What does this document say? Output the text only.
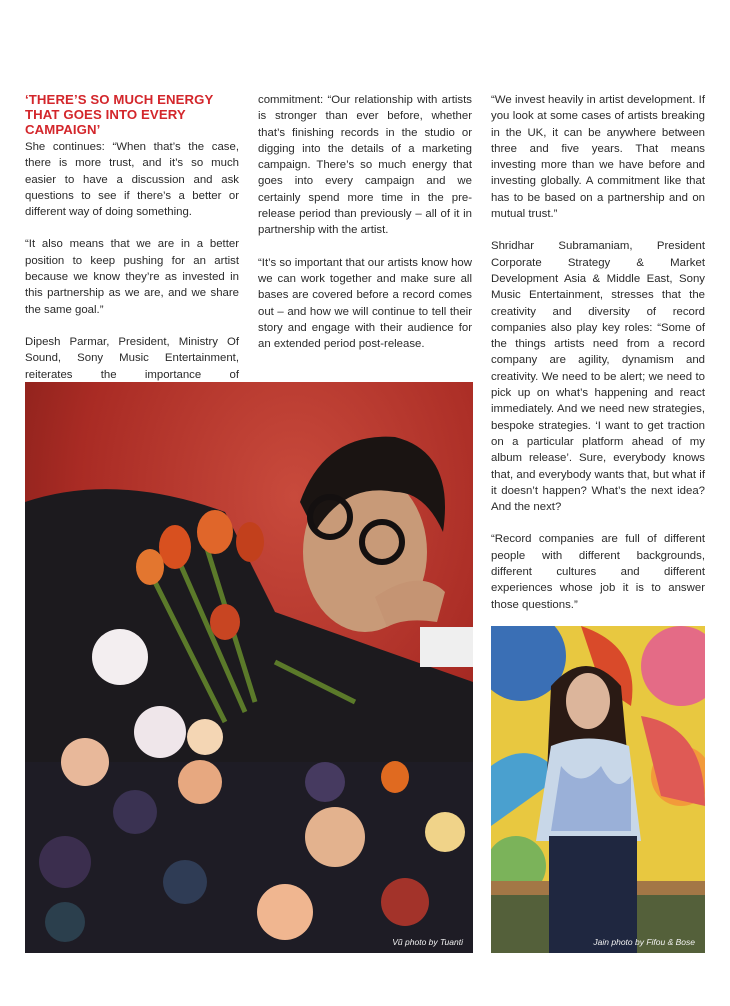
‘THERE’S SO MUCH ENERGY THAT GOES INTO EVERY CAMPAIGN’

She continues: “When that’s the case, there is more trust, and it’s so much easier to have a discussion and ask questions to see if there’s a better or different way of doing something.

“It also means that we are in a better position to keep pushing for an artist because we know they’re as invested in this partnership as we are, and we share the same goal.”

Dipesh Parmar, President, Ministry Of Sound, Sony Music Entertainment, reiterates the importance of

commitment: “Our relationship with artists is stronger than ever before, whether that’s finishing records in the studio or digging into the details of a marketing campaign. There’s so much energy that goes into every campaign and we certainly spend more time in the pre-release period than previously – all of it in partnership with the artist.

“It’s so important that our artists know how we can work together and make sure all bases are covered before a record comes out – and how we will continue to tell their story and engage with their audience for an extended period post-release.

“We invest heavily in artist development. If you look at some cases of artists breaking in the UK, it can be anywhere between three and five years. That means investing more than we have before and investing globally. A commitment like that has to be based on a partnership and on mutual trust.”

Shridhar Subramaniam, President Corporate Strategy & Market Development Asia & Middle East, Sony Music Entertainment, stresses that the creativity and diversity of record companies also play key roles: “Some of the things artists need from a record company are agility, dynamism and creativity. We need to be alert; we need to pick up on what’s happening and react immediately. And we need new strategies, bespoke strategies. ‘I want to get traction on a particular platform ahead of my album release’. Sure, everybody knows that, and everybody wants that, but what if it doesn’t happen? What’s the next idea? And the next?

“Record companies are full of different people with different backgrounds, different cultures and different experiences whose job it is to answer those questions.”

Vũ photo by Tuanti	Jain photo by Fifou & Bose
